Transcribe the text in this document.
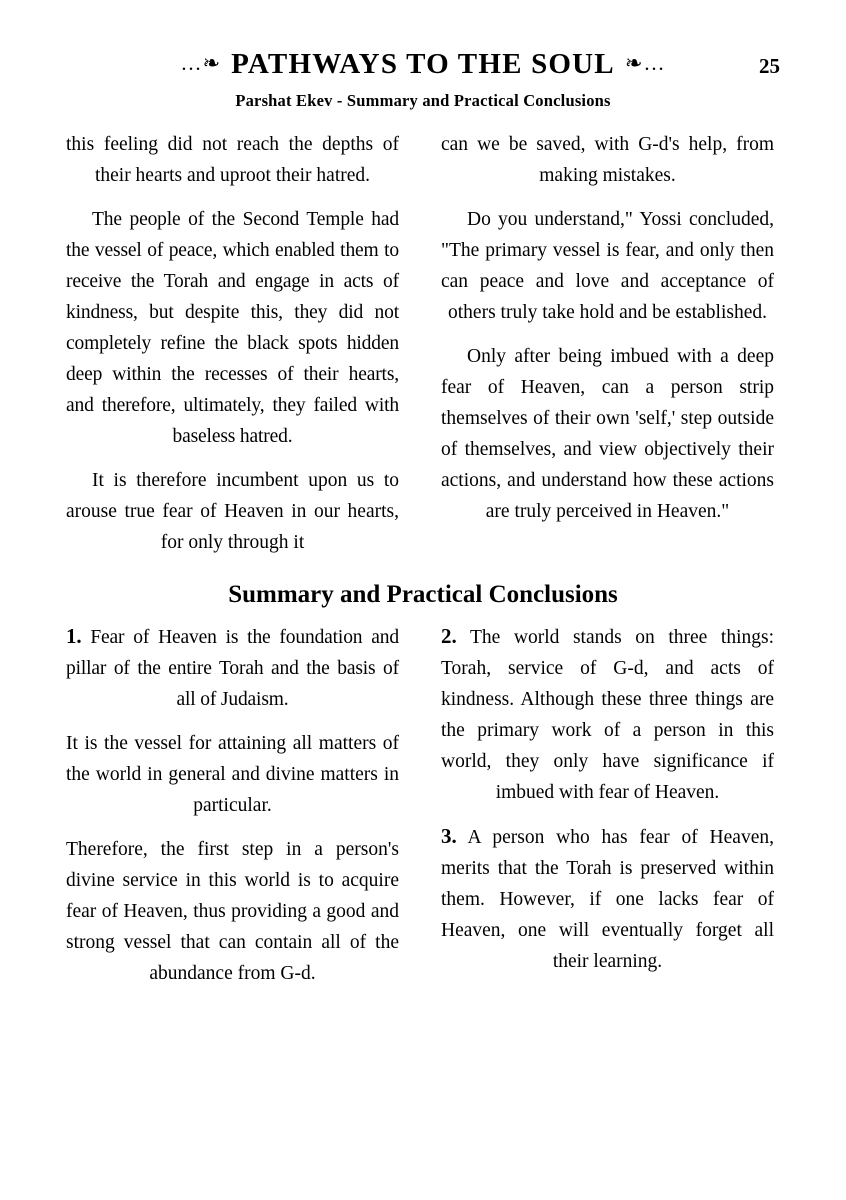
…❧ PATHWAYS TO THE SOUL ❧…	25
Parshat Ekev - Summary and Practical Conclusions

this feeling did not reach the depths of their hearts and uproot their hatred.

The people of the Second Temple had the vessel of peace, which enabled them to receive the Torah and engage in acts of kindness, but despite this, they did not completely refine the black spots hidden deep within the recesses of their hearts, and therefore, ultimately, they failed with baseless hatred.

It is therefore incumbent upon us to arouse true fear of Heaven in our hearts, for only through it

can we be saved, with G-d's help, from making mistakes.

Do you understand," Yossi concluded, "The primary vessel is fear, and only then can peace and love and acceptance of others truly take hold and be established.

Only after being imbued with a deep fear of Heaven, can a person strip themselves of their own 'self,' step outside of themselves, and view objectively their actions, and understand how these actions are truly perceived in Heaven."

Summary and Practical Conclusions

1. Fear of Heaven is the foundation and pillar of the entire Torah and the basis of all of Judaism.

It is the vessel for attaining all matters of the world in general and divine matters in particular.

Therefore, the first step in a person's divine service in this world is to acquire fear of Heaven, thus providing a good and strong vessel that can contain all of the abundance from G-d.

2. The world stands on three things: Torah, service of G-d, and acts of kindness. Although these three things are the primary work of a person in this world, they only have significance if imbued with fear of Heaven.

3. A person who has fear of Heaven, merits that the Torah is preserved within them. However, if one lacks fear of Heaven, one will eventually forget all their learning.
